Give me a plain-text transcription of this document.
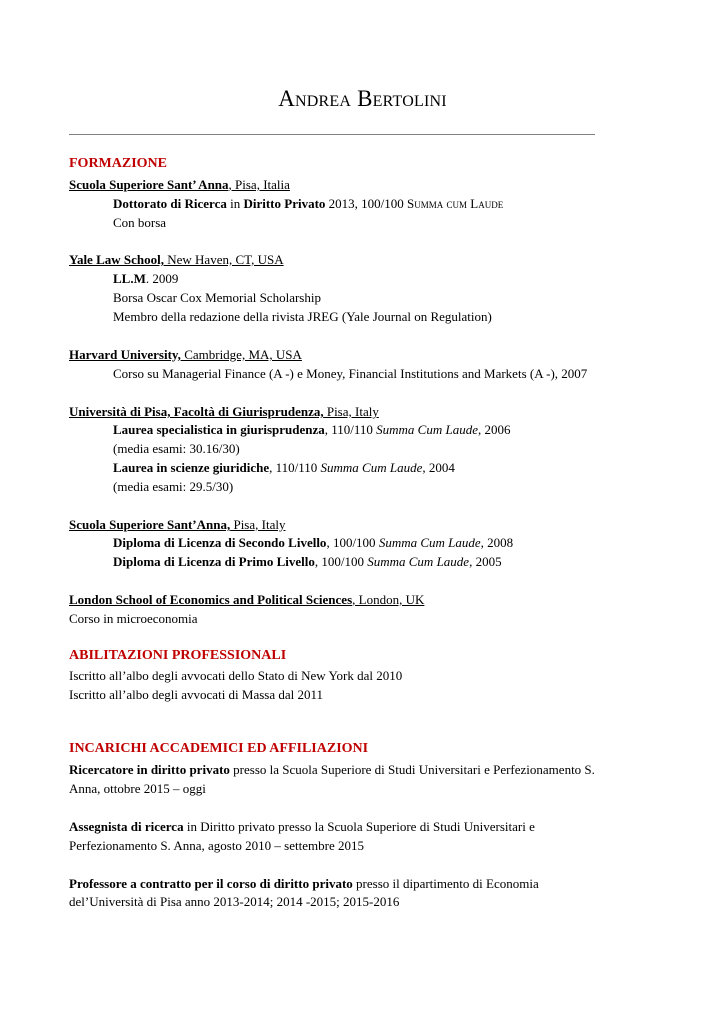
Andrea Bertolini
FORMAZIONE
Scuola Superiore Sant’ Anna, Pisa, Italia
Dottorato di Ricerca in Diritto Privato 2013, 100/100 Summa cum Laude
Con borsa
Yale Law School, New Haven, CT, USA
LL.M. 2009
Borsa Oscar Cox Memorial Scholarship
Membro della redazione della rivista JREG (Yale Journal on Regulation)
Harvard University, Cambridge, MA, USA
Corso su Managerial Finance (A -) e Money, Financial Institutions and Markets (A -), 2007
Università di Pisa, Facoltà di Giurisprudenza, Pisa, Italy
Laurea specialistica in giurisprudenza, 110/110 Summa Cum Laude, 2006
(media esami: 30.16/30)
Laurea in scienze giuridiche, 110/110 Summa Cum Laude, 2004
(media esami: 29.5/30)
Scuola Superiore Sant’Anna, Pisa, Italy
Diploma di Licenza di Secondo Livello, 100/100 Summa Cum Laude, 2008
Diploma di Licenza di Primo Livello, 100/100 Summa Cum Laude, 2005
London School of Economics and Political Sciences, London, UK
Corso in microeconomia
ABILITAZIONI PROFESSIONALI
Iscritto all’albo degli avvocati dello Stato di New York dal 2010
Iscritto all’albo degli avvocati di Massa dal 2011
INCARICHI ACCADEMICI ED AFFILIAZIONI
Ricercatore in diritto privato presso la Scuola Superiore di Studi Universitari e Perfezionamento S.
Anna, ottobre 2015 – oggi
Assegnista di ricerca in Diritto privato presso la Scuola Superiore di Studi Universitari e
Perfezionamento S. Anna, agosto 2010 – settembre 2015
Professore a contratto per il corso di diritto privato presso il dipartimento di Economia
del’Università di Pisa anno 2013-2014; 2014 -2015; 2015-2016
